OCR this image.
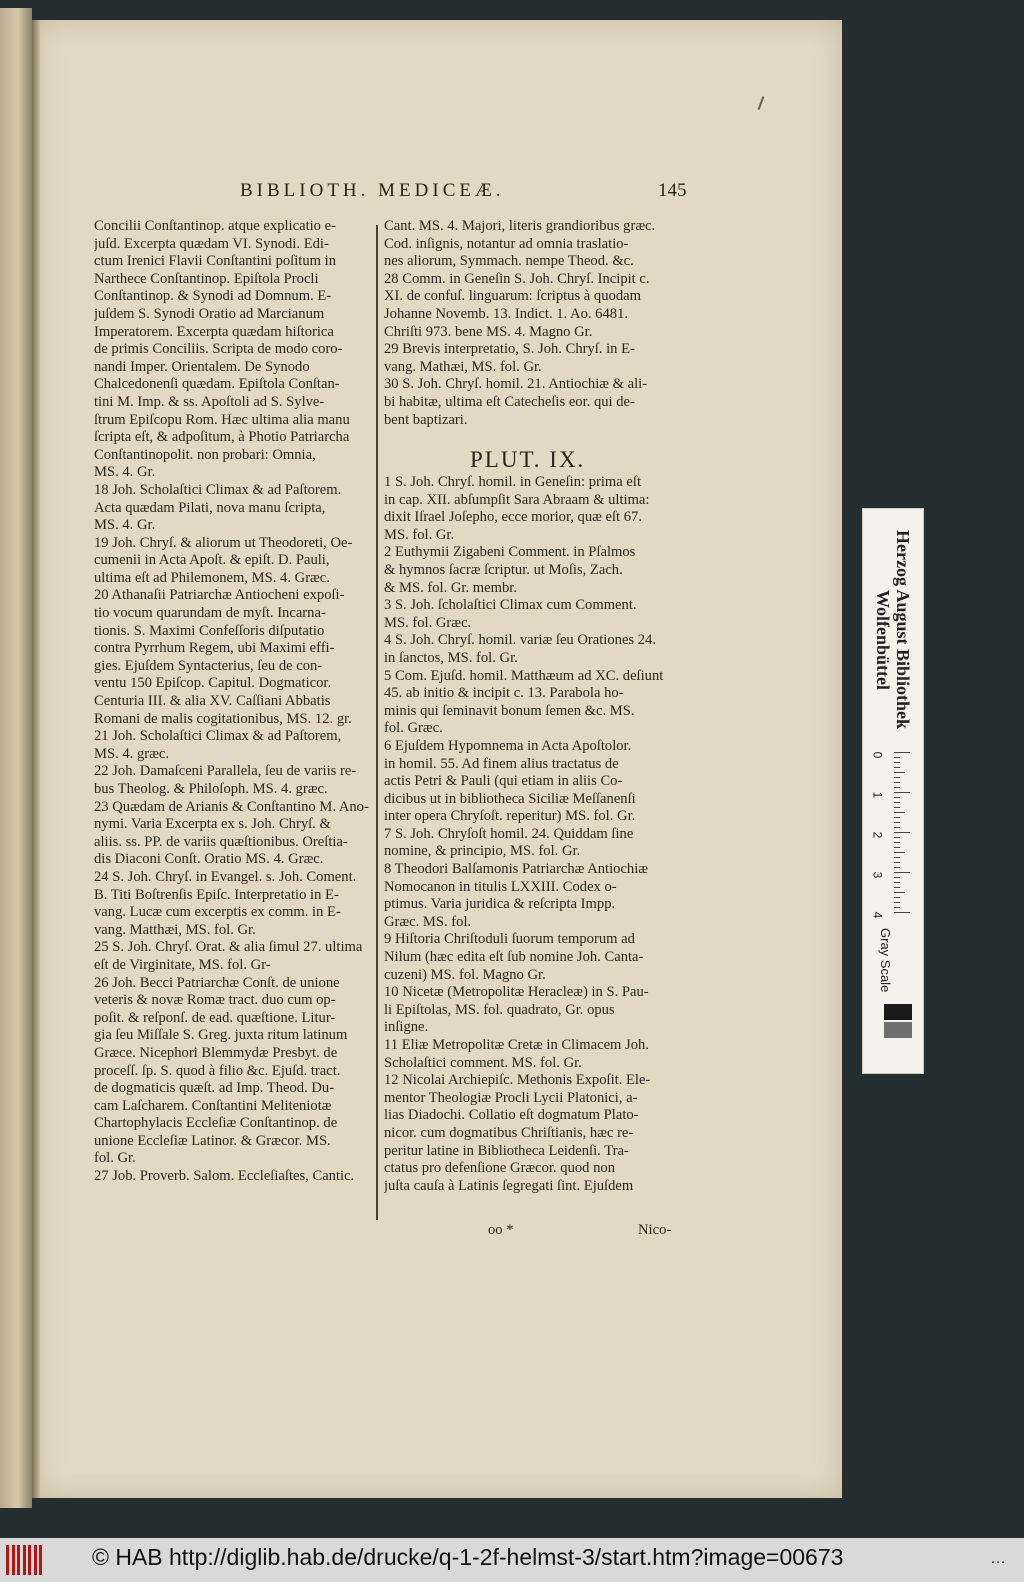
BIBLIOTH. MEDICEÆ.	145
Concilii Conſtantinop. atque explicatio e-
juſd. Excerpta quædam VI. Synodi. Edi-
ctum Irenici Flavii Conſtantini poſitum in
Narthece Conſtantinop. Epiſtola Procli
Conſtantinop. & Synodi ad Domnum. E-
juſdem S. Synodi Oratio ad Marcianum
Imperatorem. Excerpta quædam hiſtorica
de primis Conciliis. Scripta de modo coro-
nandi Imper. Orientalem. De Synodo
Chalcedonenſi quædam. Epiſtola Conſtan-
tini M. Imp. & ss. Apoſtoli ad S. Sylve-
ſtrum Epiſcopu Rom. Hæc ultima alia manu
ſcripta eſt, & adpoſitum, à Photio Patriarcha
Conſtantinopolit. non probari: Omnia,
MS. 4. Gr.
18 Joh. Scholaſtici Climax & ad Paſtorem.
Acta quædam Pilati, nova manu ſcripta,
MS. 4. Gr.
19 Joh. Chryſ. & aliorum ut Theodoreti, Oe-
cumenii in Acta Apoſt. & epiſt. D. Pauli,
ultima eſt ad Philemonem, MS. 4. Græc.
20 Athanaſii Patriarchæ Antiocheni expoſi-
tio vocum quarundam de myſt. Incarna-
tionis. S. Maximi Confeſſoris diſputatio
contra Pyrrhum Regem, ubi Maximi effi-
gies. Ejuſdem Syntacterius, ſeu de con-
ventu 150 Epiſcop. Capitul. Dogmaticor.
Centuria III. & alia XV. Caſſiani Abbatis
Romani de malis cogitationibus, MS. 12. gr.
21 Joh. Scholaſtici Climax & ad Paſtorem,
MS. 4. græc.
22 Joh. Damaſceni Parallela, ſeu de variis re-
bus Theolog. & Philoſoph. MS. 4. græc.
23 Quædam de Arianis & Conſtantino M. Ano-
nymi. Varia Excerpta ex s. Joh. Chryſ. &
aliis. ss. PP. de variis quæſtionibus. Oreſtia-
dis Diaconi Conſt. Oratio MS. 4. Græc.
24 S. Joh. Chryſ. in Evangel. s. Joh. Coment.
B. Titi Boſtrenſis Epiſc. Interpretatio in E-
vang. Lucæ cum excerptis ex comm. in E-
vang. Matthæi, MS. fol. Gr.
25 S. Joh. Chryſ. Orat. & alia ſimul 27. ultima
eſt de Virginitate, MS. fol. Gr-
26 Joh. Becci Patriarchæ Conſt. de unione
veteris & novæ Romæ tract. duo cum op-
poſit. & reſponſ. de ead. quæſtione. Litur-
gia ſeu Miſſale S. Greg. juxta ritum latinum
Græce. Nicephori Blemmydæ Presbyt. de
proceſſ. ſp. S. quod à filio &c. Ejuſd. tract.
de dogmaticis quæſt. ad Imp. Theod. Du-
cam Laſcharem. Conſtantini Meliteniotæ
Chartophylacis Eccleſiæ Conſtantinop. de
unione Eccleſiæ Latinor. & Græcor. MS.
fol. Gr.
27 Job. Proverb. Salom. Eccleſiaſtes, Cantic.
Cant. MS. 4. Majori, literis grandioribus græc.
Cod. inſignis, notantur ad omnia traslatio-
nes aliorum, Symmach. nempe Theod. &c.
28 Comm. in Geneſin S. Joh. Chryſ. Incipit c.
XI. de confuſ. linguarum: ſcriptus à quodam
Johanne Novemb. 13. Indict. 1. Ao. 6481.
Chriſti 973. bene MS. 4. Magno Gr.
29 Brevis interpretatio, S. Joh. Chryſ. in E-
vang. Mathæi, MS. fol. Gr.
30 S. Joh. Chryſ. homil. 21. Antiochiæ & ali-
bi habitæ, ultima eſt Catecheſis eor. qui de-
bent baptizari.
PLUT. IX.
1 S. Joh. Chryſ. homil. in Geneſin: prima eſt
in cap. XII. abſumpſit Sara Abraam & ultima:
dixit Iſrael Joſepho, ecce morior, quæ eſt 67.
MS. fol. Gr.
2 Euthymii Zigabeni Comment. in Pſalmos
& hymnos ſacræ ſcriptur. ut Moſis, Zach.
& MS. fol. Gr. membr.
3 S. Joh. ſcholaſtici Climax cum Comment.
MS. fol. Græc.
4 S. Joh. Chryſ. homil. variæ ſeu Orationes 24.
in ſanctos, MS. fol. Gr.
5 Com. Ejuſd. homil. Matthæum ad XC. deſiunt
45. ab initio & incipit c. 13. Parabola ho-
minis qui ſeminavit bonum ſemen &c. MS.
fol. Græc.
6 Ejuſdem Hypomnema in Acta Apoſtolor.
in homil. 55. Ad finem alius tractatus de
actis Petri & Pauli (qui etiam in aliis Co-
dicibus ut in bibliotheca Siciliæ Meſſanenſi
inter opera Chryſoſt. reperitur) MS. fol. Gr.
7 S. Joh. Chryſoſt homil. 24. Quiddam ſine
nomine, & principio, MS. fol. Gr.
8 Theodori Balſamonis Patriarchæ Antiochiæ
Nomocanon in titulis LXXIII. Codex o-
ptimus. Varia juridica & reſcripta Impp.
Græc. MS. fol.
9 Hiſtoria Chriſtoduli ſuorum temporum ad
Nilum (hæc edita eſt ſub nomine Joh. Canta-
cuzeni) MS. fol. Magno Gr.
10 Nicetæ (Metropolitæ Heracleæ) in S. Pau-
li Epiſtolas, MS. fol. quadrato, Gr. opus
inſigne.
11 Eliæ Metropolitæ Cretæ in Climacem Joh.
Scholaſtici comment. MS. fol. Gr.
12 Nicolai Archiepiſc. Methonis Expoſit. Ele-
mentor Theologiæ Procli Lycii Platonici, a-
lias Diadochi. Collatio eſt dogmatum Plato-
nicor. cum dogmatibus Chriſtianis, hæc re-
peritur latine in Bibliotheca Leidenſi. Tra-
ctatus pro defenſione Græcor. quod non
juſta cauſa à Latinis ſegregati ſint. Ejuſdem
oo *	Nico-
Herzog August Bibliothek
Wolfenbüttel
0
1
2
3
4
Gray Scale
© HAB http://diglib.hab.de/drucke/q-1-2f-helmst-3/start.htm?image=00673	…
